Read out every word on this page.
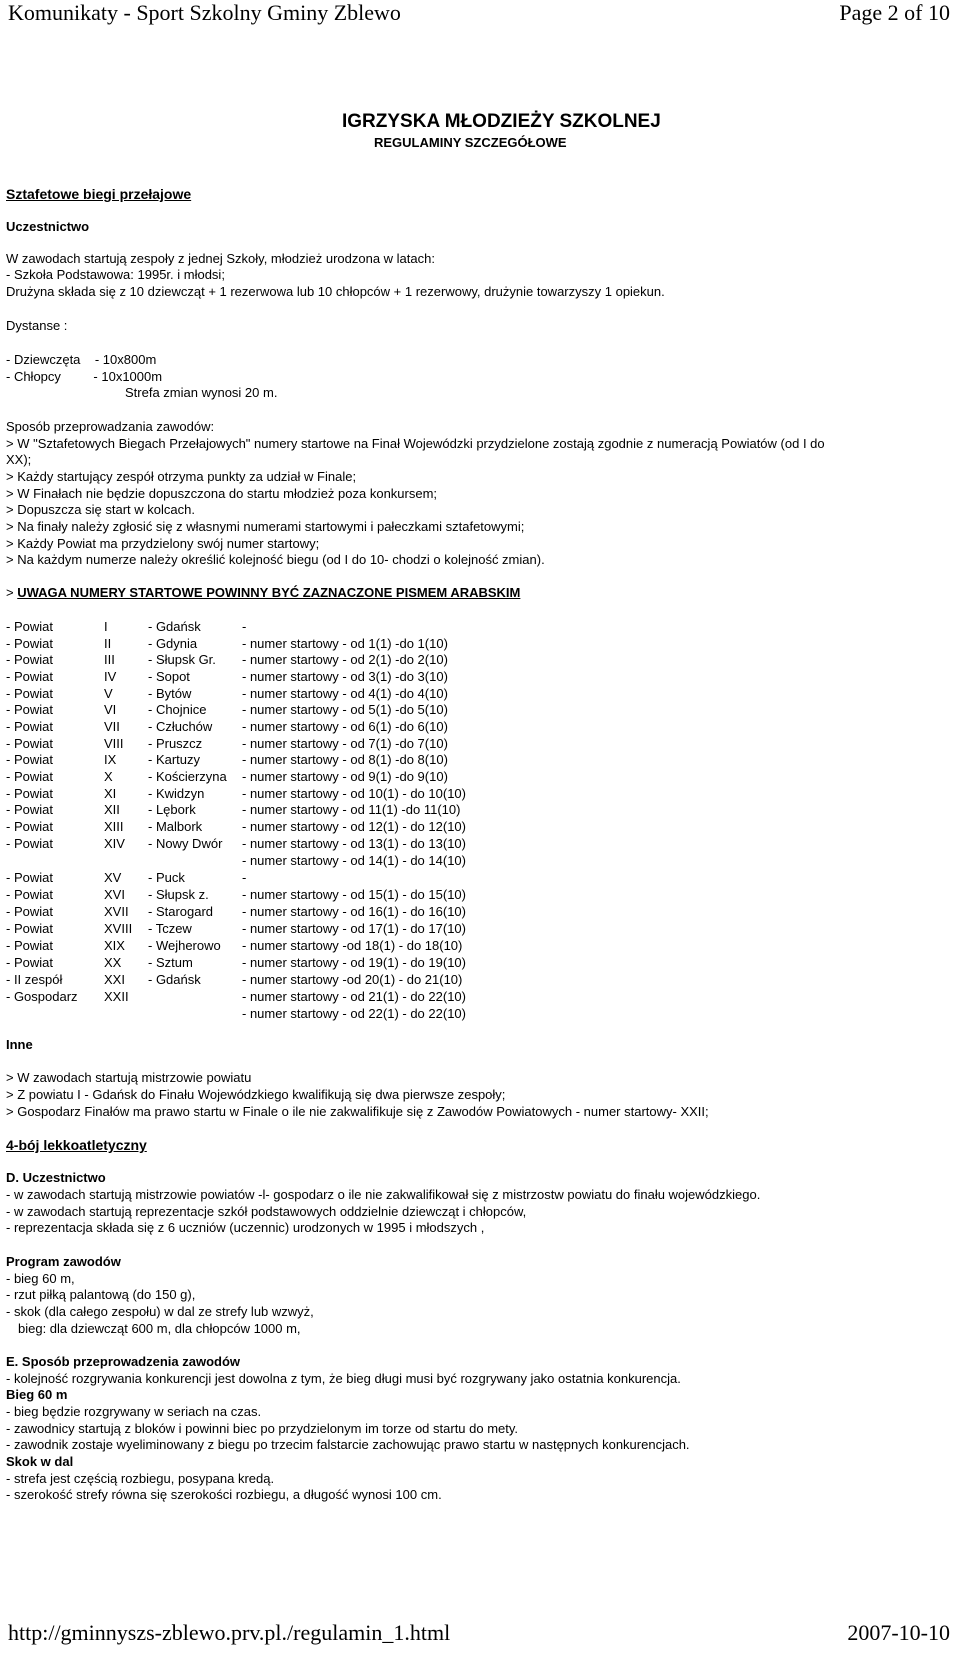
Komunikaty - Sport Szkolny Gminy Zblewo	Page 2 of 10
IGRZYSKA MŁODZIEŻY SZKOLNEJ
REGULAMINY SZCZEGÓŁOWE
Sztafetowe biegi przełajowe
Uczestnictwo
W zawodach startują zespoły z jednej Szkoły, młodzież urodzona w latach:
- Szkoła Podstawowa: 1995r. i młodsi;
Drużyna składa się z 10 dziewcząt + 1 rezerwowa lub 10 chłopców + 1 rezerwowy, drużynie towarzyszy 1 opiekun.
Dystanse :
- Dziewczęta    - 10x800m
- Chłopcy         - 10x1000m
Strefa zmian wynosi 20 m.
Sposób przeprowadzania zawodów:
> W "Sztafetowych Biegach Przełajowych" numery startowe na Finał Wojewódzki przydzielone zostają zgodnie z numeracją Powiatów (od I do
XX);
> Każdy startujący zespół otrzyma punkty za udział w Finale;
> W Finałach nie będzie dopuszczona do startu młodzież poza konkursem;
> Dopuszcza się start w kolcach.
> Na finały należy zgłosić się z własnymi numerami startowymi i pałeczkami sztafetowymi;
> Każdy Powiat ma przydzielony swój numer startowy;
> Na każdym numerze należy określić kolejność biegu (od I do 10- chodzi o kolejność zmian).
> UWAGA NUMERY STARTOWE POWINNY BYĆ ZAZNACZONE PISMEM ARABSKIM
- Powiat	I	- Gdańsk	-
- Powiat	II	- Gdynia	- numer startowy - od 1(1) -do 1(10)
- Powiat	III	- Słupsk Gr. - numer startowy - od 2(1) -do 2(10)
- Powiat	IV - Sopot	- numer startowy - od 3(1) -do 3(10)
- Powiat	V	- Bytów	- numer startowy - od 4(1) -do 4(10)
- Powiat	VI - Chojnice	- numer startowy - od 5(1) -do 5(10)
- Powiat	VII - Człuchów - numer startowy - od 6(1) -do 6(10)
- Powiat	VIII - Pruszcz	- numer startowy - od 7(1) -do 7(10)
- Powiat	IX - Kartuzy	- numer startowy - od 8(1) -do 8(10)
- Powiat	X	- Kościerzyna - numer startowy - od 9(1) -do 9(10)
- Powiat	XI - Kwidzyn	- numer startowy - od 10(1) - do 10(10)
- Powiat	XII - Lębork	- numer startowy - od 11(1) -do 11(10)
- Powiat	XIII - Malbork	- numer startowy - od 12(1) - do 12(10)
- Powiat	XIV - Nowy Dwór - numer startowy - od 13(1) - do 13(10)
- numer startowy - od 14(1) - do 14(10)
- Powiat	XV - Puck	-
- Powiat	XVI - Słupsk z.	- numer startowy - od 15(1) - do 15(10)
- Powiat	XVII - Starogard - numer startowy - od 16(1) - do 16(10)
- Powiat	XVIII - Tczew	- numer startowy - od 17(1) - do 17(10)
- Powiat	XIX - Wejherowo - numer startowy -od 18(1) - do 18(10)
- Powiat	XX - Sztum	- numer startowy - od 19(1) - do 19(10)
- II zespół	XXI - Gdańsk	- numer startowy -od 20(1) - do 21(10)
- Gospodarz XXII	- numer startowy - od 21(1) - do 22(10)
- numer startowy - od 22(1) - do 22(10)
Inne
> W zawodach startują mistrzowie powiatu
> Z powiatu I - Gdańsk do Finału Wojewódzkiego kwalifikują się dwa pierwsze zespoły;
> Gospodarz Finałów ma prawo startu w Finale o ile nie zakwalifikuje się z Zawodów Powiatowych - numer startowy- XXII;
4-bój lekkoatletyczny
D. Uczestnictwo
- w zawodach startują mistrzowie powiatów -l- gospodarz o ile nie zakwalifikował się z mistrzostw powiatu do finału wojewódzkiego.
- w zawodach startują reprezentacje szkół podstawowych oddzielnie dziewcząt i chłopców,
- reprezentacja składa się z 6 uczniów (uczennic) urodzonych w 1995 i młodszych ,
Program zawodów
- bieg 60 m,
- rzut piłką palantową (do 150 g),
- skok (dla całego zespołu) w dal ze strefy lub wzwyż,
bieg: dla dziewcząt 600 m, dla chłopców 1000 m,
E. Sposób przeprowadzenia zawodów
- kolejność rozgrywania konkurencji jest dowolna z tym, że bieg długi musi być rozgrywany jako ostatnia konkurencja.
Bieg 60 m
- bieg będzie rozgrywany w seriach na czas.
- zawodnicy startują z bloków i powinni biec po przydzielonym im torze od startu do mety.
- zawodnik zostaje wyeliminowany z biegu po trzecim falstarcie zachowując prawo startu w następnych konkurencjach.
Skok w dal
- strefa jest częścią rozbiegu, posypana kredą.
- szerokość strefy równa się szerokości rozbiegu, a długość wynosi 100 cm.
http://gminnyszs-zblewo.prv.pl./regulamin_1.html	2007-10-10
